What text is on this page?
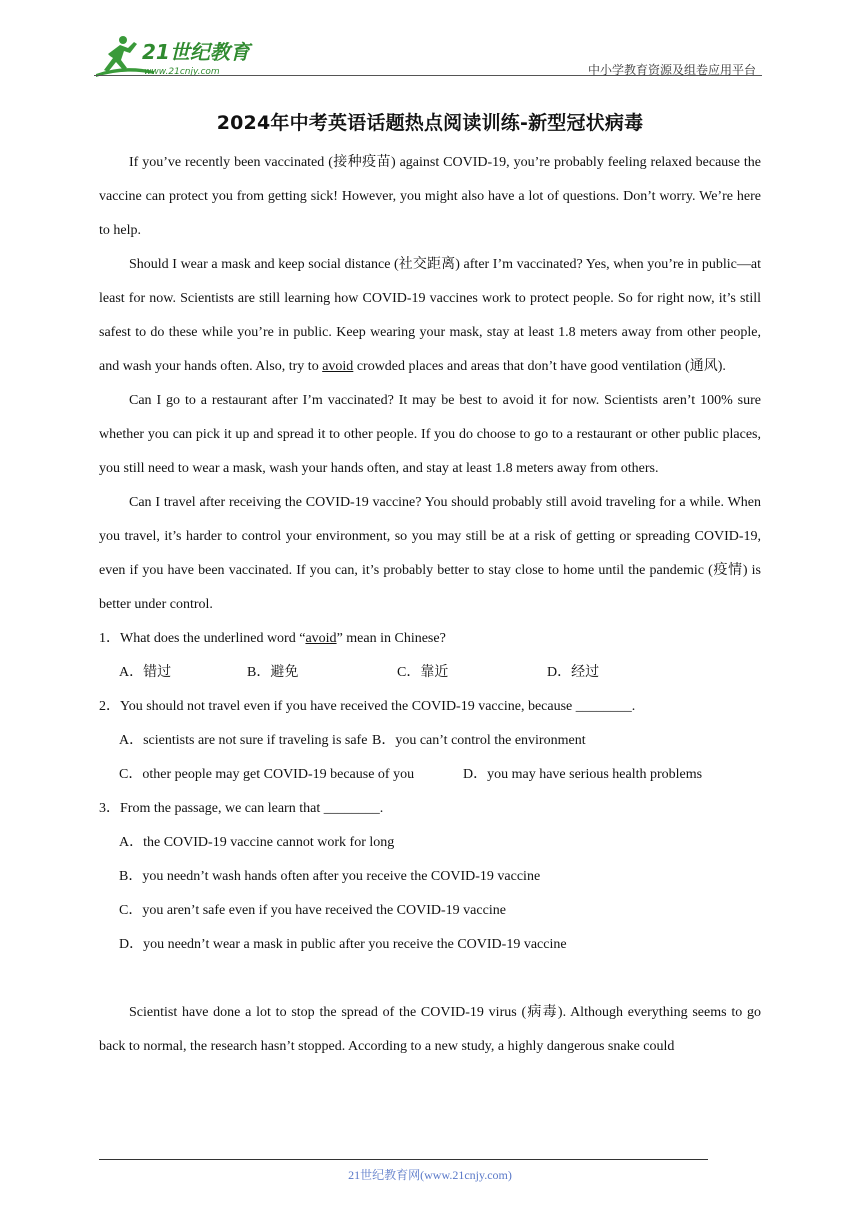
21世纪教育
www.21cnjy.com	中小学教育资源及组卷应用平台
2024年中考英语话题热点阅读训练-新型冠状病毒

If you’ve recently been vaccinated (接种疫苗) against COVID-19, you’re probably feeling relaxed because the vaccine can protect you from getting sick! However, you might also have a lot of questions. Don’t worry. We’re here to help.

Should I wear a mask and keep social distance (社交距离) after I’m vaccinated? Yes, when you’re in public—at least for now. Scientists are still learning how COVID-19 vaccines work to protect people. So for right now, it’s still safest to do these while you’re in public. Keep wearing your mask, stay at least 1.8 meters away from other people, and wash your hands often. Also, try to avoid crowded places and areas that don’t have good ventilation (通风).

Can I go to a restaurant after I’m vaccinated? It may be best to avoid it for now. Scientists aren’t 100% sure whether you can pick it up and spread it to other people. If you do choose to go to a restaurant or other public places, you still need to wear a mask, wash your hands often, and stay at least 1.8 meters away from others.

Can I travel after receiving the COVID-19 vaccine? You should probably still avoid traveling for a while. When you travel, it’s harder to control your environment, so you may still be at a risk of getting or spreading COVID-19, even if you have been vaccinated. If you can, it’s probably better to stay close to home until the pandemic (疫情) is better under control.

1．What does the underlined word “avoid” mean in Chinese?

A．错过	B．避免	C．靠近	D．经过

2．You should not travel even if you have received the COVID-19 vaccine, because ________.

A．scientists are not sure if traveling is safe B．you can’t control the environment
C．other people may get COVID-19 because of you	D．you may have serious health problems

3．From the passage, we can learn that ________.

A．the COVID-19 vaccine cannot work for long

B．you needn’t wash hands often after you receive the COVID-19 vaccine

C．you aren’t safe even if you have received the COVID-19 vaccine

D．you needn’t wear a mask in public after you receive the COVID-19 vaccine

Scientist have done a lot to stop the spread of the COVID-19 virus (病毒). Although everything seems to go back to normal, the research hasn’t stopped. According to a new study, a highly dangerous snake could

21世纪教育网(www.21cnjy.com)
